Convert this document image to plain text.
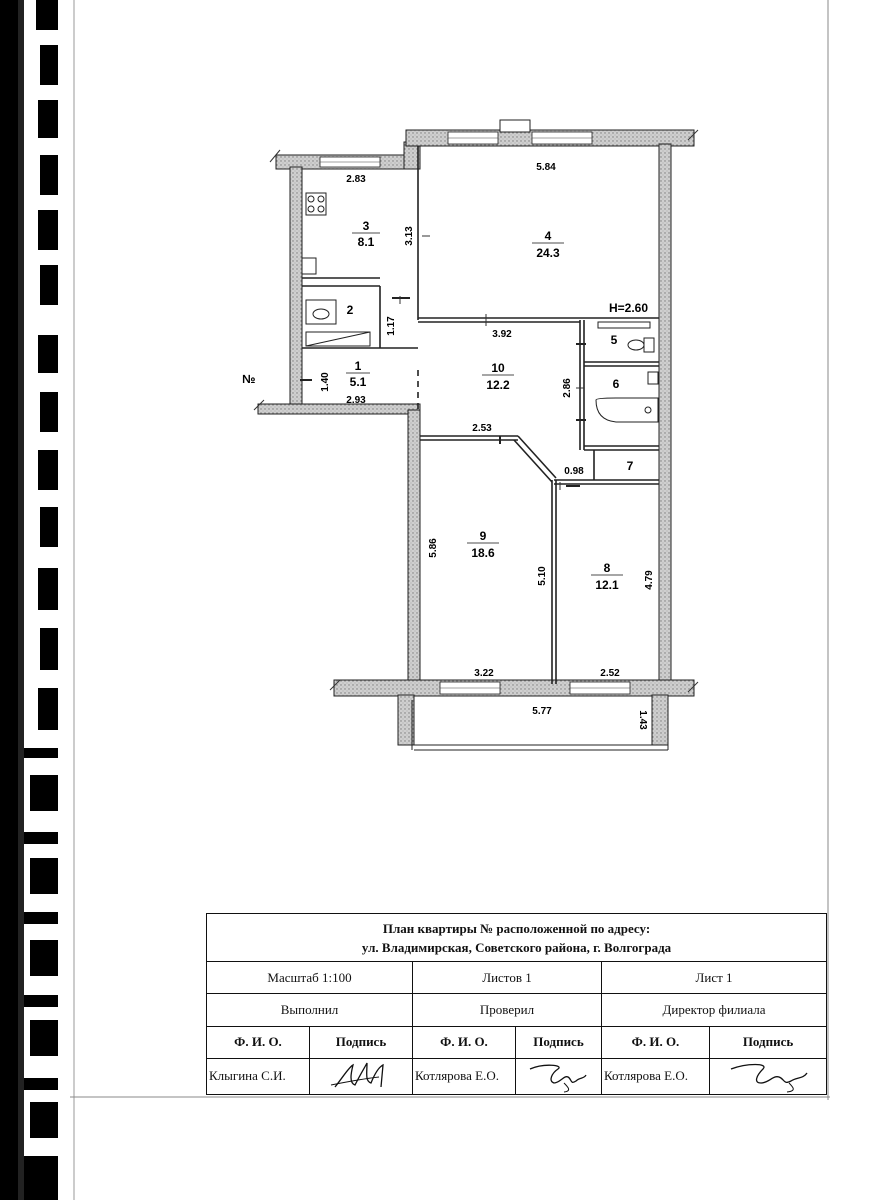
3
8.1	4
24.3
2
1
5.1
10
12.2
5
6
7
9
18.6
8
12.1
H=2.60
№
2.83
5.84
3.13
1.17	3.92
1.40
2.93
2.86
2.53
0.98
5.86
5.10	4.79
3.22	2.52
5.77	1.43
План квартиры № расположенной по адресу:
ул. Владимирская, Советского района, г. Волгограда					

Масштаб 1:100		Листов 1		Лист 1	
Выполнил		Проверил		Директор филиала	
Ф. И. О.	Подпись	Ф. И. О.	Подпись	Ф. И. О.	Подпись
Клыгина С.И.		Котлярова Е.О.		Котлярова Е.О.	
